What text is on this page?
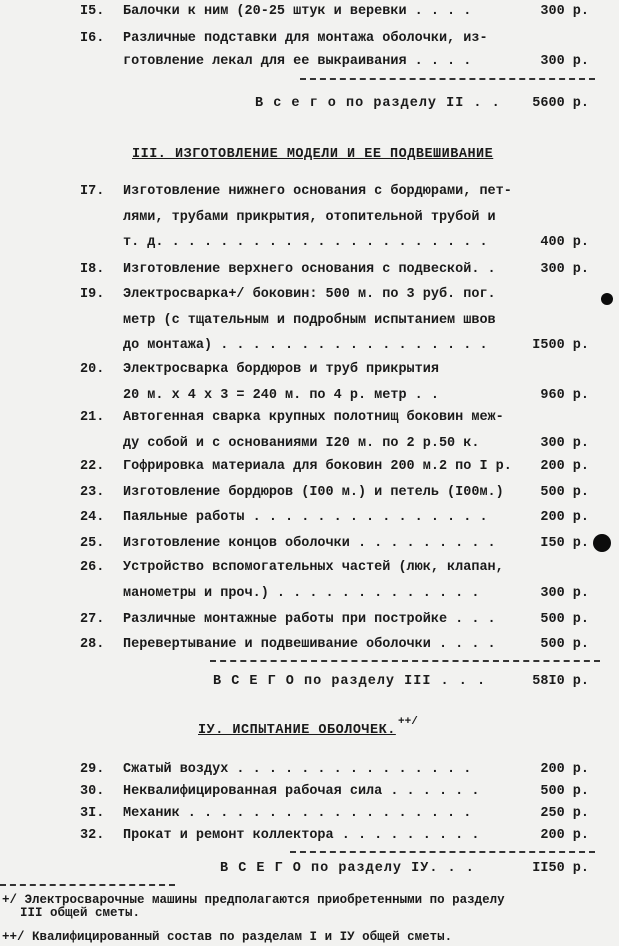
I5.	Балочки к ним (20-25 штук и веревки . . . .	300 р.
I6.	Различные подставки для монтажа оболочки, из-
готовление лекал для ее выкраивания . . . .	300 р.
В с е г о по разделу II . . 5600 р.
III. ИЗГОТОВЛЕНИЕ МОДЕЛИ И ЕЕ ПОДВЕШИВАНИЕ
I7.	Изготовление нижнего основания с бордюрами, пет-
лями, трубами прикрытия, отопительной трубой и
т. д. . . . . . . . . . . . . . . . . . . . .	400 р.
I8.	Изготовление верхнего основания с подвеской. .	300 р.
I9.	Электросварка+/ боковин: 500 м. по 3 руб. пог.
метр (с тщательным и подробным испытанием швов
до монтажа) . . . . . . . . . . . . . . . . .	I500 р.
20.	Электросварка бордюров и труб прикрытия
20 м. х 4 х 3 = 240 м. по 4 р. метр . .	960 р.
21.	Автогенная сварка крупных полотнищ боковин меж-
ду собой и с основаниями I20 м. по 2 р.50 к.	300 р.
22.	Гофрировка материала для боковин 200 м.2 по I р. 200 р.
23.	Изготовление бордюров (I00 м.) и петель (I00м.)	500 р.
24.	Паяльные работы . . . . . . . . . . . . . . .	200 р.
25.	Изготовление концов оболочки . . . . . . . . .	I50 р.
26.	Устройство вспомогательных частей (люк, клапан,
манометры и проч.) . . . . . . . . . . . . .	300 р.
27.	Различные монтажные работы при постройке . . .	500 р.
28.	Перевертывание и подвешивание оболочки . . . .	500 р.
В С Е Г О по разделу III . . .	58I0 р.
IУ. ИСПЫТАНИЕ ОБОЛОЧЕК.
++/
29.	Сжатый воздух . . . . . . . . . . . . . . .	200 р.
30.	Неквалифицированная рабочая сила . . . . . .	500 р.
3I.	Механик . . . . . . . . . . . . . . . . . .	250 р.
32.	Прокат и ремонт коллектора . . . . . . . . .	200 р.
В С Е Г О по разделу IУ. . .	II50 р.
+/ Электросварочные машины предполагаются приобретенными по разделу
III общей сметы.
++/ Квалифицированный состав по разделам I и IУ общей сметы.
